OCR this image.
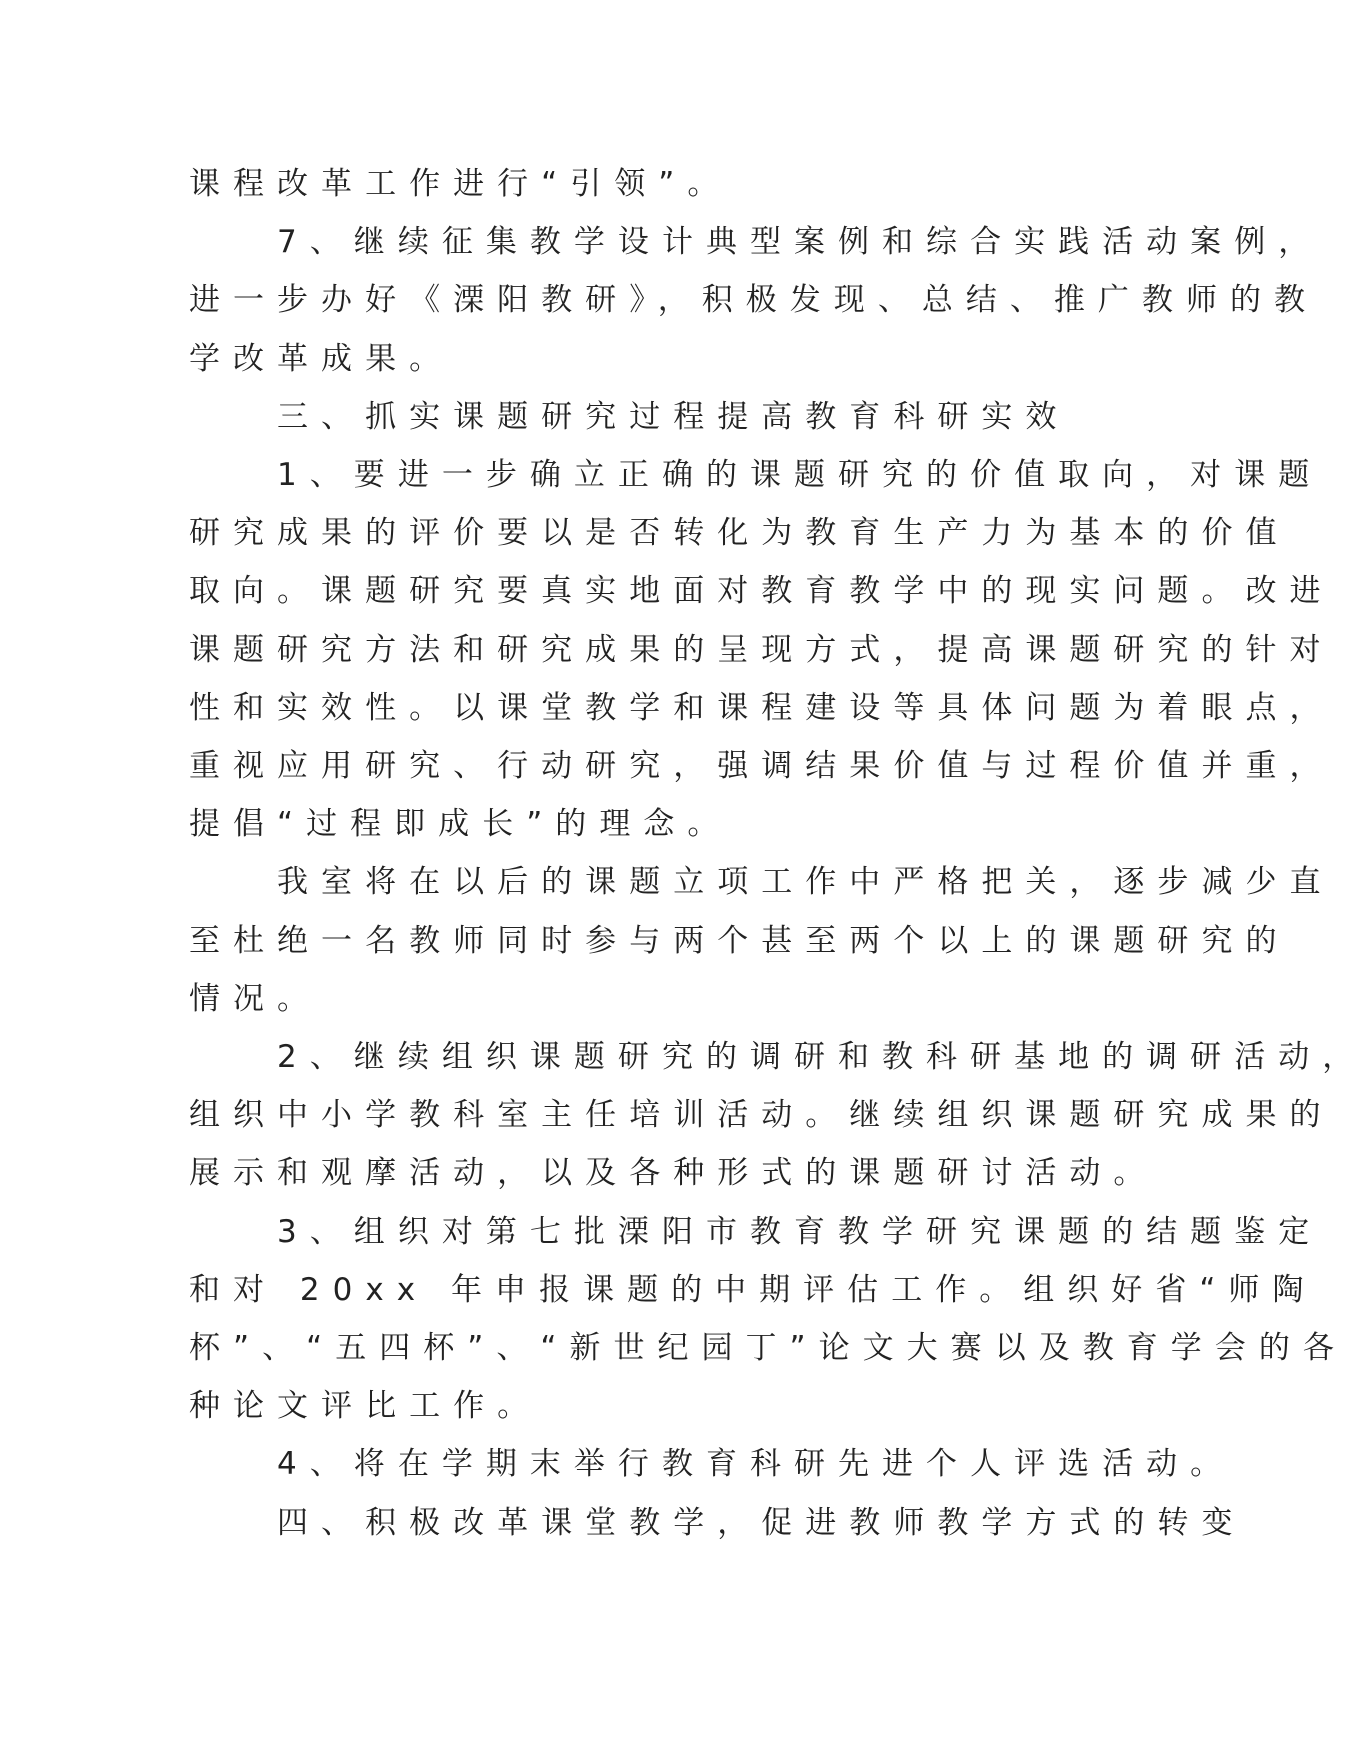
课程改革工作进行“引领”。

　　7、继续征集教学设计典型案例和综合实践活动案例，
进一步办好《溧阳教研》，积极发现、总结、推广教师的教
学改革成果。

　　三、抓实课题研究过程提高教育科研实效

　　1、要进一步确立正确的课题研究的价值取向，对课题
研究成果的评价要以是否转化为教育生产力为基本的价值
取向。课题研究要真实地面对教育教学中的现实问题。改进
课题研究方法和研究成果的呈现方式，提高课题研究的针对
性和实效性。以课堂教学和课程建设等具体问题为着眼点，
重视应用研究、行动研究，强调结果价值与过程价值并重，
提倡“过程即成长”的理念。

　　我室将在以后的课题立项工作中严格把关，逐步减少直
至杜绝一名教师同时参与两个甚至两个以上的课题研究的
情况。

　　2、继续组织课题研究的调研和教科研基地的调研活动，
组织中小学教科室主任培训活动。继续组织课题研究成果的
展示和观摩活动，以及各种形式的课题研讨活动。

　　3、组织对第七批溧阳市教育教学研究课题的结题鉴定
和对 20xx 年申报课题的中期评估工作。组织好省“师陶
杯”、“五四杯”、“新世纪园丁”论文大赛以及教育学会的各
种论文评比工作。

　　4、将在学期末举行教育科研先进个人评选活动。

　　四、积极改革课堂教学，促进教师教学方式的转变
